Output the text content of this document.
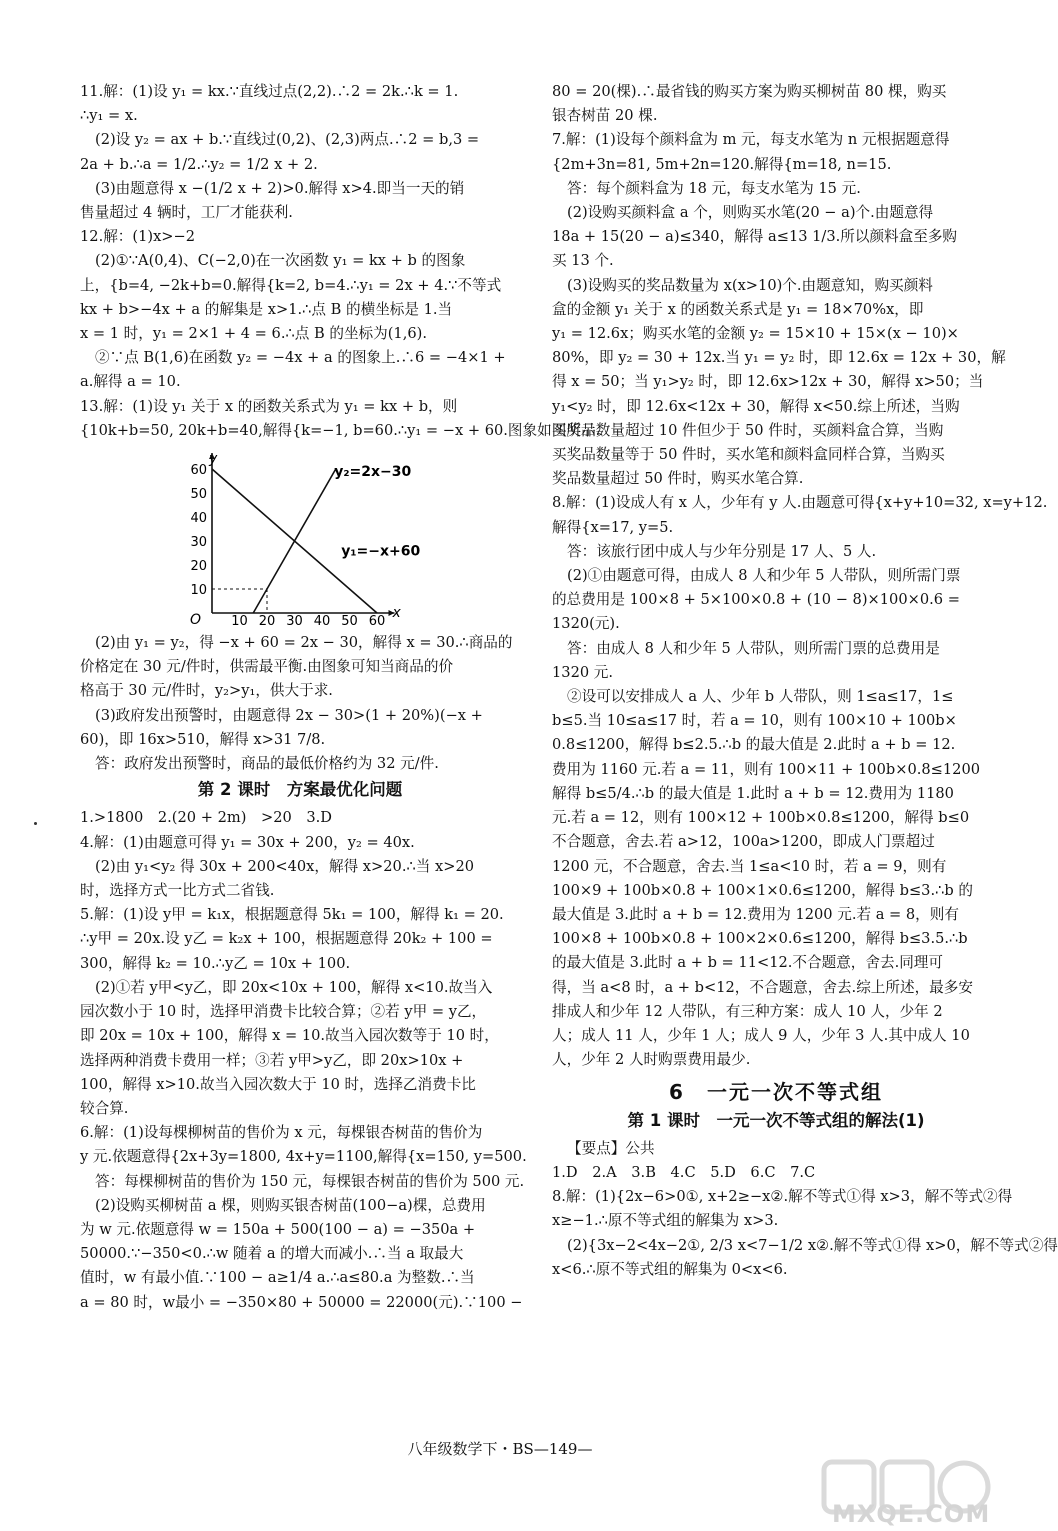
11.解：(1)设 y₁ = kx.∵直线过点(2,2).∴2 = 2k.∴k = 1.
∴y₁ = x.
(2)设 y₂ = ax + b.∵直线过(0,2)、(2,3)两点.∴2 = b,3 =
2a + b.∴a = 1/2.∴y₂ = 1/2 x + 2.
(3)由题意得 x −(1/2 x + 2)>0.解得 x>4.即当一天的销
售量超过 4 辆时，工厂才能获利.
12.解：(1)x>−2
(2)①∵A(0,4)、C(−2,0)在一次函数 y₁ = kx + b 的图象
上，{b=4, −2k+b=0.解得{k=2, b=4.∴y₁ = 2x + 4.∵不等式
kx + b>−4x + a 的解集是 x>1.∴点 B 的横坐标是 1.当
x = 1 时，y₁ = 2×1 + 4 = 6.∴点 B 的坐标为(1,6).
②∵点 B(1,6)在函数 y₂ = −4x + a 的图象上.∴6 = −4×1 +
a.解得 a = 10.
13.解：(1)设 y₁ 关于 x 的函数关系式为 y₁ = kx + b，则
{10k+b=50, 20k+b=40,解得{k=−1, b=60.∴y₁ = −x + 60.图象如图所示.
x
y
O 10 20 30 40 50 60
10
20
30
40
50
60
y₁=−x+60
y₂=2x−30
(2)由 y₁ = y₂，得 −x + 60 = 2x − 30，解得 x = 30.∴商品的
价格定在 30 元/件时，供需最平衡.由图象可知当商品的价
格高于 30 元/件时，y₂>y₁，供大于求.
(3)政府发出预警时，由题意得 2x − 30>(1 + 20%)(−x +
60)，即 16x>510，解得 x>31 7/8.
答：政府发出预警时，商品的最低价格约为 32 元/件.
第 2 课时　方案最优化问题
1.>1800　2.(20 + 2m)　>20　3.D
4.解：(1)由题意可得 y₁ = 30x + 200，y₂ = 40x.
(2)由 y₁<y₂ 得 30x + 200<40x，解得 x>20.∴当 x>20
时，选择方式一比方式二省钱.
5.解：(1)设 y甲 = k₁x，根据题意得 5k₁ = 100，解得 k₁ = 20.
∴y甲 = 20x.设 y乙 = k₂x + 100，根据题意得 20k₂ + 100 =
300，解得 k₂ = 10.∴y乙 = 10x + 100.
(2)①若 y甲<y乙，即 20x<10x + 100，解得 x<10.故当入
园次数小于 10 时，选择甲消费卡比较合算；②若 y甲 = y乙，
即 20x = 10x + 100，解得 x = 10.故当入园次数等于 10 时，
选择两种消费卡费用一样；③若 y甲>y乙，即 20x>10x +
100，解得 x>10.故当入园次数大于 10 时，选择乙消费卡比
较合算.
6.解：(1)设每棵柳树苗的售价为 x 元，每棵银杏树苗的售价为
y 元.依题意得{2x+3y=1800, 4x+y=1100,解得{x=150, y=500.
答：每棵柳树苗的售价为 150 元，每棵银杏树苗的售价为 500 元.
(2)设购买柳树苗 a 棵，则购买银杏树苗(100−a)棵，总费用
为 w 元.依题意得 w = 150a + 500(100 − a) = −350a +
50000.∵−350<0.∴w 随着 a 的增大而减小.∴当 a 取最大
值时，w 有最小值.∵100 − a≥1/4 a.∴a≤80.a 为整数.∴当
a = 80 时，w最小 = −350×80 + 50000 = 22000(元).∵100 −
80 = 20(棵).∴最省钱的购买方案为购买柳树苗 80 棵，购买
银杏树苗 20 棵.
7.解：(1)设每个颜料盒为 m 元，每支水笔为 n 元根据题意得
{2m+3n=81, 5m+2n=120.解得{m=18, n=15.
答：每个颜料盒为 18 元，每支水笔为 15 元.
(2)设购买颜料盒 a 个，则购买水笔(20 − a)个.由题意得
18a + 15(20 − a)≤340，解得 a≤13 1/3.所以颜料盒至多购
买 13 个.
(3)设购买的奖品数量为 x(x>10)个.由题意知，购买颜料
盒的金额 y₁ 关于 x 的函数关系式是 y₁ = 18×70%x，即
y₁ = 12.6x；购买水笔的金额 y₂ = 15×10 + 15×(x − 10)×
80%，即 y₂ = 30 + 12x.当 y₁ = y₂ 时，即 12.6x = 12x + 30，解
得 x = 50；当 y₁>y₂ 时，即 12.6x>12x + 30，解得 x>50；当
y₁<y₂ 时，即 12.6x<12x + 30，解得 x<50.综上所述，当购
买奖品数量超过 10 件但少于 50 件时，买颜料盒合算，当购
买奖品数量等于 50 件时，买水笔和颜料盒同样合算，当购买
奖品数量超过 50 件时，购买水笔合算.
8.解：(1)设成人有 x 人，少年有 y 人.由题意可得{x+y+10=32, x=y+12.
解得{x=17, y=5.
答：该旅行团中成人与少年分别是 17 人、5 人.
(2)①由题意可得，由成人 8 人和少年 5 人带队，则所需门票
的总费用是 100×8 + 5×100×0.8 + (10 − 8)×100×0.6 =
1320(元).
答：由成人 8 人和少年 5 人带队，则所需门票的总费用是
1320 元.
②设可以安排成人 a 人、少年 b 人带队，则 1≤a≤17，1≤
b≤5.当 10≤a≤17 时，若 a = 10，则有 100×10 + 100b×
0.8≤1200，解得 b≤2.5.∴b 的最大值是 2.此时 a + b = 12.
费用为 1160 元.若 a = 11，则有 100×11 + 100b×0.8≤1200
解得 b≤5/4.∴b 的最大值是 1.此时 a + b = 12.费用为 1180
元.若 a = 12，则有 100×12 + 100b×0.8≤1200，解得 b≤0
不合题意，舍去.若 a>12，100a>1200，即成人门票超过
1200 元，不合题意，舍去.当 1≤a<10 时，若 a = 9，则有
100×9 + 100b×0.8 + 100×1×0.6≤1200，解得 b≤3.∴b 的
最大值是 3.此时 a + b = 12.费用为 1200 元.若 a = 8，则有
100×8 + 100b×0.8 + 100×2×0.6≤1200，解得 b≤3.5.∴b
的最大值是 3.此时 a + b = 11<12.不合题意，舍去.同理可
得，当 a<8 时，a + b<12，不合题意，舍去.综上所述，最多安
排成人和少年 12 人带队，有三种方案：成人 10 人，少年 2
人；成人 11 人，少年 1 人；成人 9 人，少年 3 人.其中成人 10
人，少年 2 人时购票费用最少.
6　一元一次不等式组
第 1 课时　一元一次不等式组的解法(1)
【要点】公共
1.D　2.A　3.B　4.C　5.D　6.C　7.C
8.解：(1){2x−6>0①, x+2≥−x②.解不等式①得 x>3，解不等式②得
x≥−1.∴原不等式组的解集为 x>3.
(2){3x−2<4x−2①, 2/3 x<7−1/2 x②.解不等式①得 x>0，解不等式②得
x<6.∴原不等式组的解集为 0<x<6.
八年级数学下・BS—149—
MXQE.COM
